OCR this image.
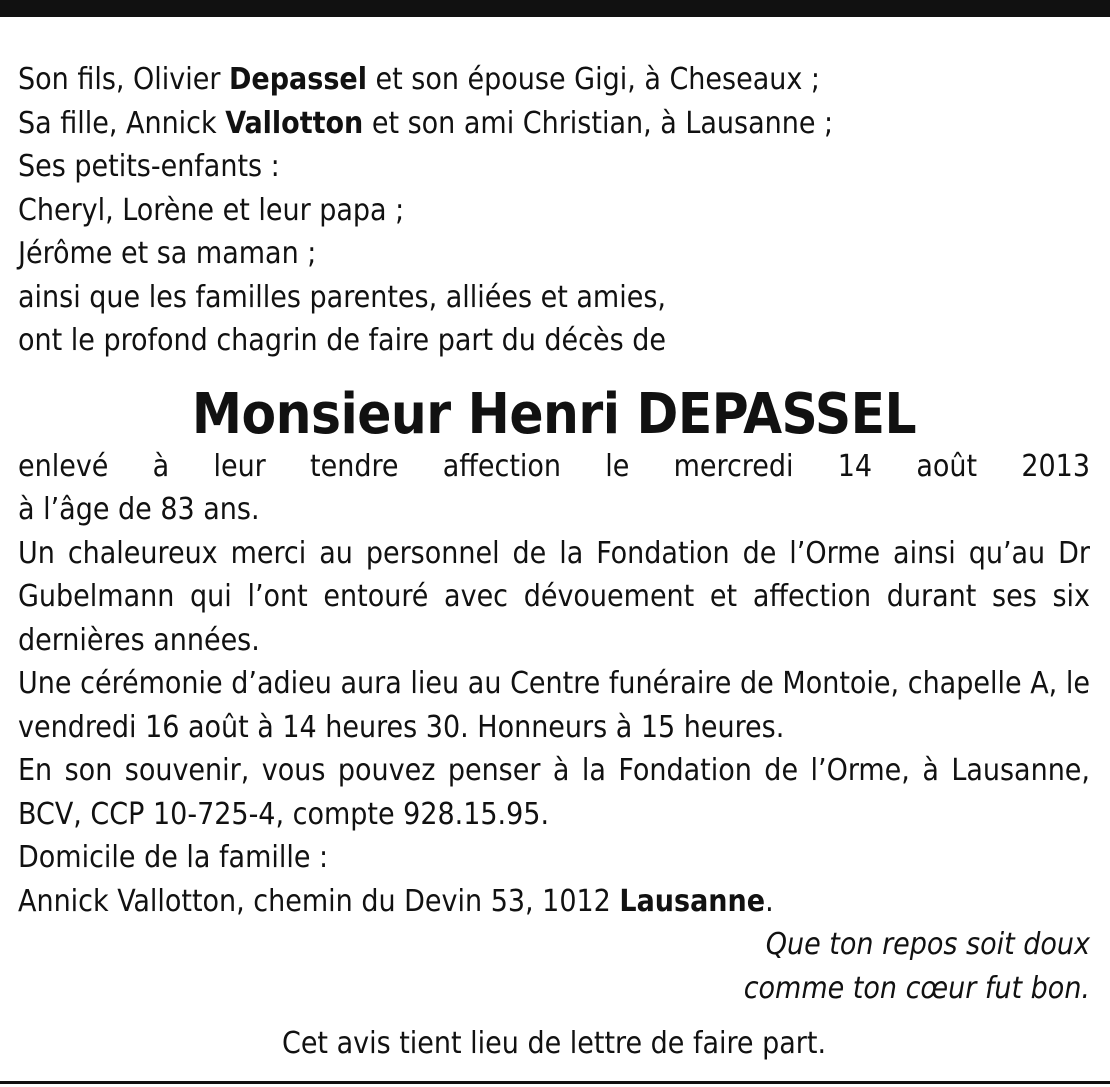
Son fils, Olivier Depassel et son épouse Gigi, à Cheseaux ;
Sa fille, Annick Vallotton et son ami Christian, à Lausanne ;
Ses petits-enfants :
Cheryl, Lorène et leur papa ;
Jérôme et sa maman ;
ainsi que les familles parentes, alliées et amies,
ont le profond chagrin de faire part du décès de
Monsieur Henri DEPASSEL
enlevé à leur tendre affection le mercredi 14 août 2013
à l’âge de 83 ans.
Un chaleureux merci au personnel de la Fondation de l’Orme ainsi qu’au Dr Gubelmann qui l’ont entouré avec dévouement et affection durant ses six dernières années.
Une cérémonie d’adieu aura lieu au Centre funéraire de Montoie, chapelle A, le vendredi 16 août à 14 heures 30. Honneurs à 15 heures.
En son souvenir, vous pouvez penser à la Fondation de l’Orme, à Lausanne, BCV, CCP 10-725-4, compte 928.15.95.
Domicile de la famille :
Annick Vallotton, chemin du Devin 53, 1012 Lausanne.
Que ton repos soit doux
comme ton cœur fut bon.
Cet avis tient lieu de lettre de faire part.
